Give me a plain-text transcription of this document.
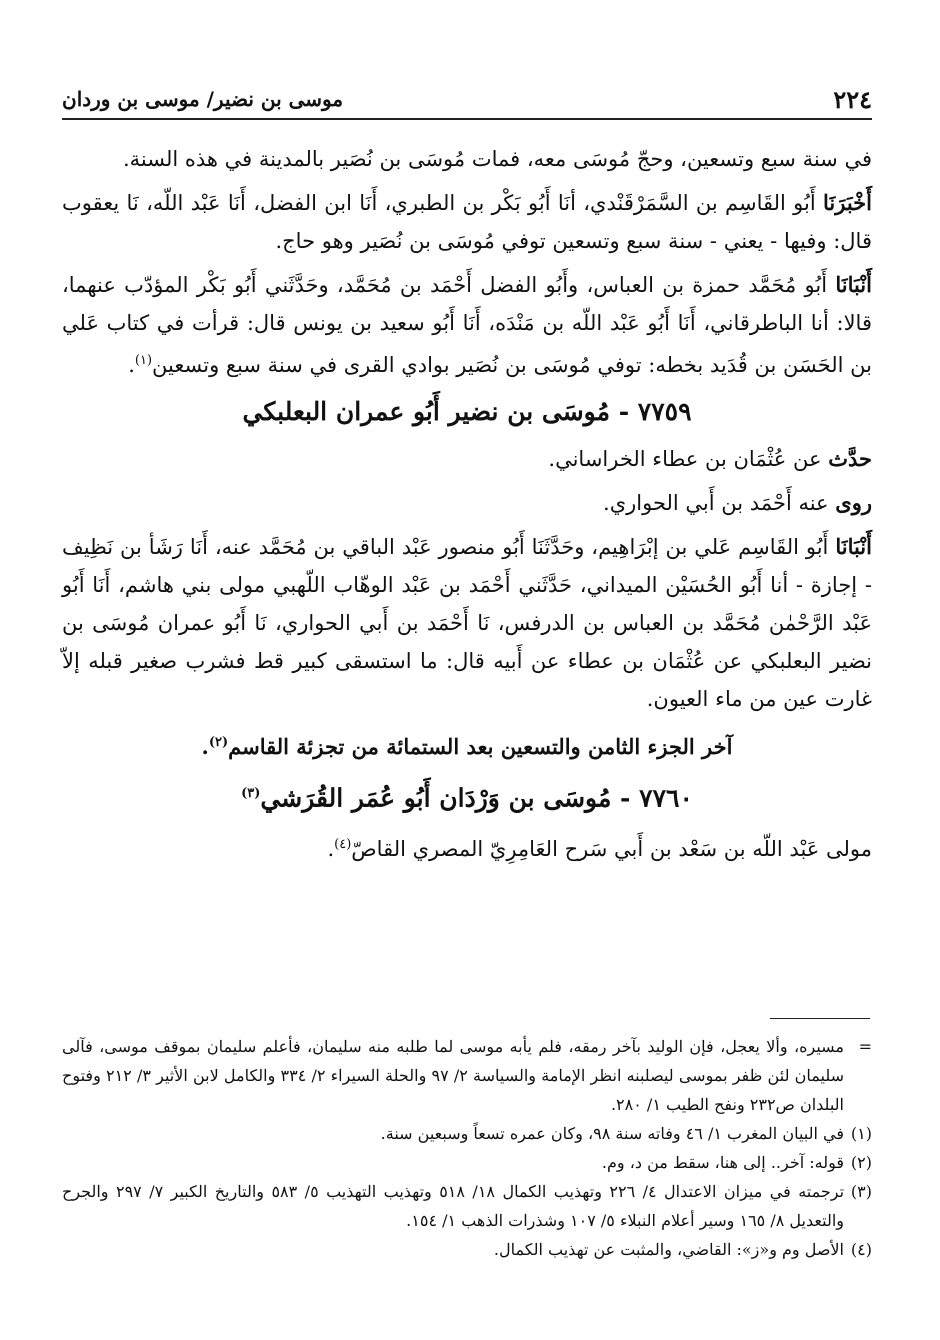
٢٢٤
موسى بن نضير/ موسى بن وردان

في سنة سبع وتسعين، وحجّ مُوسَى معه، فمات مُوسَى بن نُصَير بالمدينة في هذه السنة.

أَخْبَرَنَا أَبُو القَاسِم بن السَّمَرْقَنْدي، أنَا أَبُو بَكْر بن الطبري، أَنَا ابن الفضل، أَنَا عَبْد اللّه، نَا يعقوب قال: وفيها - يعني - سنة سبع وتسعين توفي مُوسَى بن نُصَير وهو حاج.

أَنْبَانَا أَبُو مُحَمَّد حمزة بن العباس، وأَبُو الفضل أَحْمَد بن مُحَمَّد، وحَدَّثَني أَبُو بَكْر المؤدّب عنهما، قالا: أنا الباطرقاني، أَنَا أَبُو عَبْد اللّه بن مَنْدَه، أَنَا أَبُو سعيد بن يونس قال: قرأت في كتاب عَلي بن الحَسَن بن قُدَيد بخطه: توفي مُوسَى بن نُصَير بوادي القرى في سنة سبع وتسعين$^{(١)}$.

٧٧٥٩ - مُوسَى بن نضير أَبُو عمران البعلبكي

حدَّث عن عُثْمَان بن عطاء الخراساني.

روى عنه أَحْمَد بن أَبي الحواري.

أَنْبَانَا أَبُو القَاسِم عَلي بن إبْرَاهِيم، وحَدَّثَنَا أَبُو منصور عَبْد الباقي بن مُحَمَّد عنه، أَنَا رَشَأ بن نَظِيف - إجازة - أنا أَبُو الحُسَيْن الميداني، حَدَّثَني أَحْمَد بن عَبْد الوهّاب اللّهبي مولى بني هاشم، أَنَا أَبُو عَبْد الرَّحْمٰن مُحَمَّد بن العباس بن الدرفس، نَا أَحْمَد بن أَبي الحواري، نَا أَبُو عمران مُوسَى بن نضير البعلبكي عن عُثْمَان بن عطاء عن أَبيه قال: ما استسقى كبير قط فشرب صغير قبله إلاّ غارت عين من ماء العيون.

آخر الجزء الثامن والتسعين بعد الستمائة من تجزئة القاسم$^{(٢)}$.
٧٧٦٠ - مُوسَى بن وَرْدَان أَبُو عُمَر القُرَشي$^{(٣)}$

مولى عَبْد اللّه بن سَعْد بن أَبي سَرح العَامِرِيّ المصري القاصّ$^{(٤)}$.

=
مسيره، وألا يعجل، فإن الوليد بآخر رمقه، فلم يأبه موسى لما طلبه منه سليمان، فأعلم سليمان بموقف موسى، فآلى سليمان لئن ظفر بموسى ليصلبنه انظر الإمامة والسياسة ٢/ ٩٧ والحلة السيراء ٢/ ٣٣٤ والكامل لابن الأثير ٣/ ٢١٢ وفتوح البلدان ص٢٣٢ ونفح الطيب ١/ ٢٨٠.
(١)
في البيان المغرب ١/ ٤٦ وفاته سنة ٩٨، وكان عمره تسعاً وسبعين سنة.
(٢)
قوله: آخر.. إلى هنا، سقط من د، وم.
(٣)
ترجمته في ميزان الاعتدال ٤/ ٢٢٦ وتهذيب الكمال ١٨/ ٥١٨ وتهذيب التهذيب ٥/ ٥٨٣ والتاريخ الكبير ٧/ ٢٩٧ والجرح والتعديل ٨/ ١٦٥ وسير أعلام النبلاء ٥/ ١٠٧ وشذرات الذهب ١/ ١٥٤.
(٤)
الأصل وم و«ز»: القاضي، والمثبت عن تهذيب الكمال.
